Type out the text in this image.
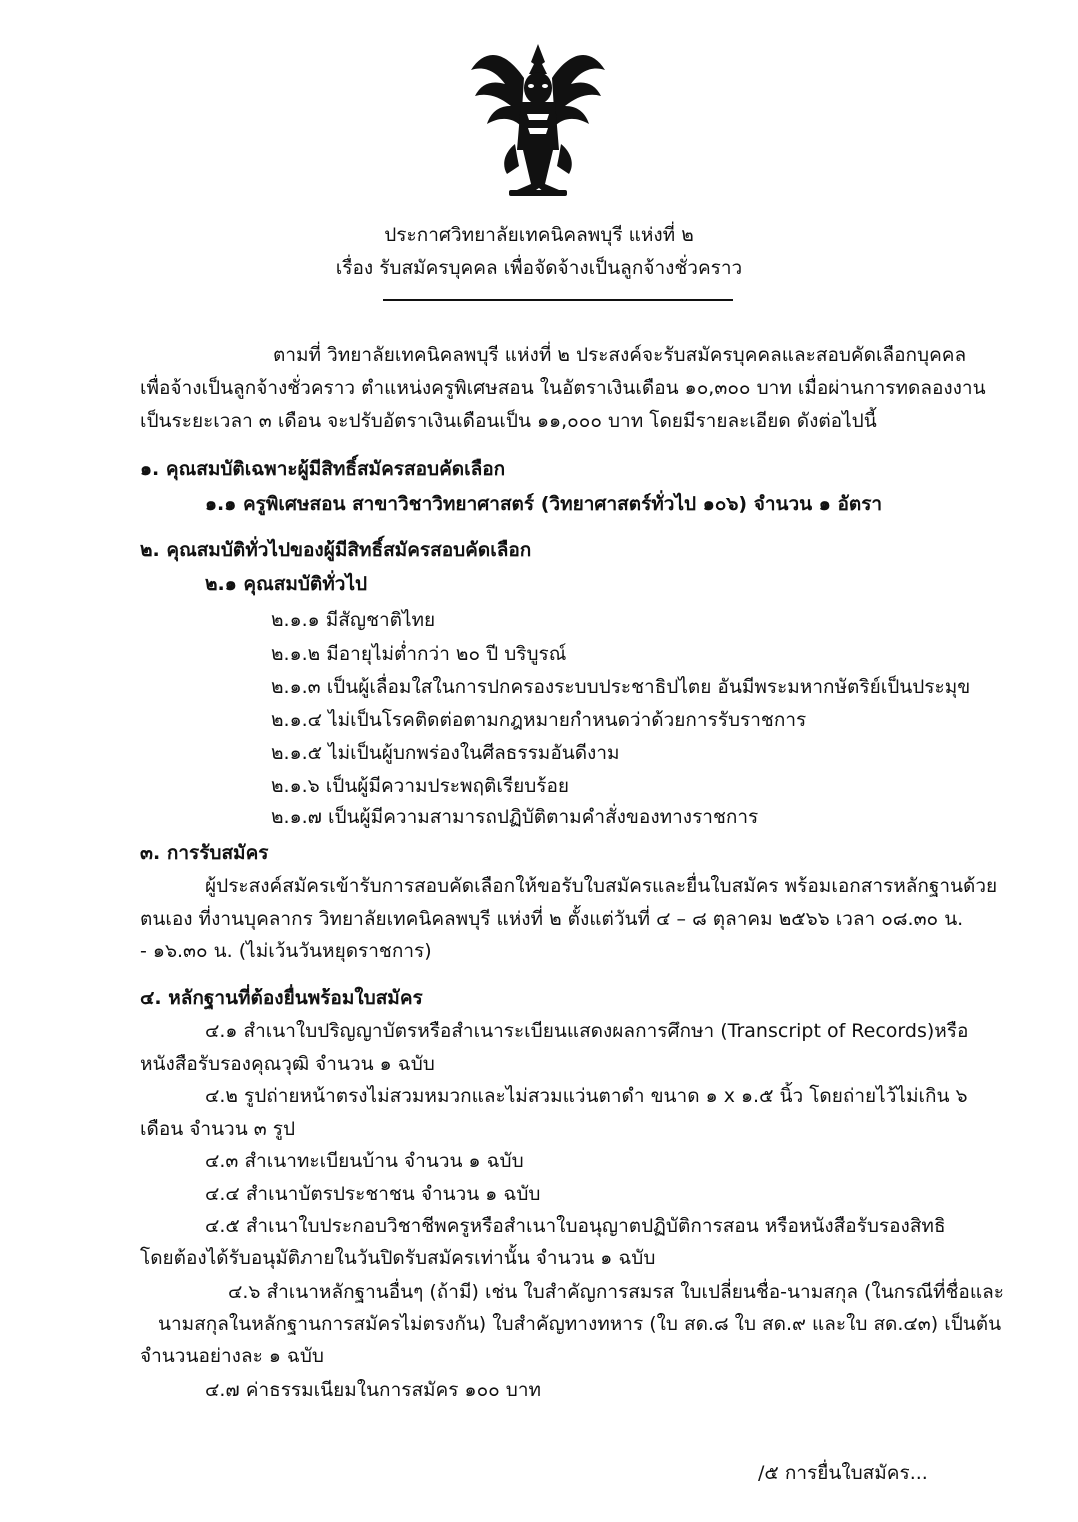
ประกาศวิทยาลัยเทคนิคลพบุรี แห่งที่ ๒
เรื่อง รับสมัครบุคคล เพื่อจัดจ้างเป็นลูกจ้างชั่วคราว
ตามที่ วิทยาลัยเทคนิคลพบุรี แห่งที่ ๒ ประสงค์จะรับสมัครบุคคลและสอบคัดเลือกบุคคล
เพื่อจ้างเป็นลูกจ้างชั่วคราว ตำแหน่งครูพิเศษสอน ในอัตราเงินเดือน ๑๐,๓๐๐ บาท เมื่อผ่านการทดลองงาน
เป็นระยะเวลา ๓ เดือน จะปรับอัตราเงินเดือนเป็น ๑๑,๐๐๐ บาท โดยมีรายละเอียด ดังต่อไปนี้
๑. คุณสมบัติเฉพาะผู้มีสิทธิ์สมัครสอบคัดเลือก
๑.๑ ครูพิเศษสอน สาขาวิชาวิทยาศาสตร์ (วิทยาศาสตร์ทั่วไป ๑๐๖) จำนวน ๑ อัตรา
๒. คุณสมบัติทั่วไปของผู้มีสิทธิ์สมัครสอบคัดเลือก
๒.๑ คุณสมบัติทั่วไป
๒.๑.๑ มีสัญชาติไทย
๒.๑.๒ มีอายุไม่ต่ำกว่า ๒๐ ปี บริบูรณ์
๒.๑.๓ เป็นผู้เลื่อมใสในการปกครองระบบประชาธิปไตย อันมีพระมหากษัตริย์เป็นประมุข
๒.๑.๔ ไม่เป็นโรคติดต่อตามกฎหมายกำหนดว่าด้วยการรับราชการ
๒.๑.๕ ไม่เป็นผู้บกพร่องในศีลธรรมอันดีงาม
๒.๑.๖ เป็นผู้มีความประพฤติเรียบร้อย
๒.๑.๗ เป็นผู้มีความสามารถปฏิบัติตามคำสั่งของทางราชการ
๓. การรับสมัคร
ผู้ประสงค์สมัครเข้ารับการสอบคัดเลือกให้ขอรับใบสมัครและยื่นใบสมัคร พร้อมเอกสารหลักฐานด้วย
ตนเอง ที่งานบุคลากร วิทยาลัยเทคนิคลพบุรี แห่งที่ ๒ ตั้งแต่วันที่ ๔ – ๘ ตุลาคม ๒๕๖๖ เวลา ๐๘.๓๐ น.
- ๑๖.๓๐ น. (ไม่เว้นวันหยุดราชการ)
๔. หลักฐานที่ต้องยื่นพร้อมใบสมัคร
๔.๑ สำเนาใบปริญญาบัตรหรือสำเนาระเบียนแสดงผลการศึกษา (Transcript of Records)หรือ
หนังสือรับรองคุณวุฒิ จำนวน ๑ ฉบับ
๔.๒ รูปถ่ายหน้าตรงไม่สวมหมวกและไม่สวมแว่นตาดำ ขนาด ๑ x ๑.๕ นิ้ว โดยถ่ายไว้ไม่เกิน ๖
เดือน จำนวน ๓ รูป
๔.๓ สำเนาทะเบียนบ้าน จำนวน ๑ ฉบับ
๔.๔ สำเนาบัตรประชาชน จำนวน ๑ ฉบับ
๔.๕ สำเนาใบประกอบวิชาชีพครูหรือสำเนาใบอนุญาตปฏิบัติการสอน หรือหนังสือรับรองสิทธิ
โดยต้องได้รับอนุมัติภายในวันปิดรับสมัครเท่านั้น จำนวน ๑ ฉบับ
๔.๖ สำเนาหลักฐานอื่นๆ (ถ้ามี) เช่น ใบสำคัญการสมรส ใบเปลี่ยนชื่อ-นามสกุล (ในกรณีที่ชื่อและ
นามสกุลในหลักฐานการสมัครไม่ตรงกัน) ใบสำคัญทางทหาร (ใบ สด.๘ ใบ สด.๙ และใบ สด.๔๓) เป็นต้น
จำนวนอย่างละ ๑ ฉบับ
๔.๗ ค่าธรรมเนียมในการสมัคร ๑๐๐ บาท
/๕ การยื่นใบสมัคร...
